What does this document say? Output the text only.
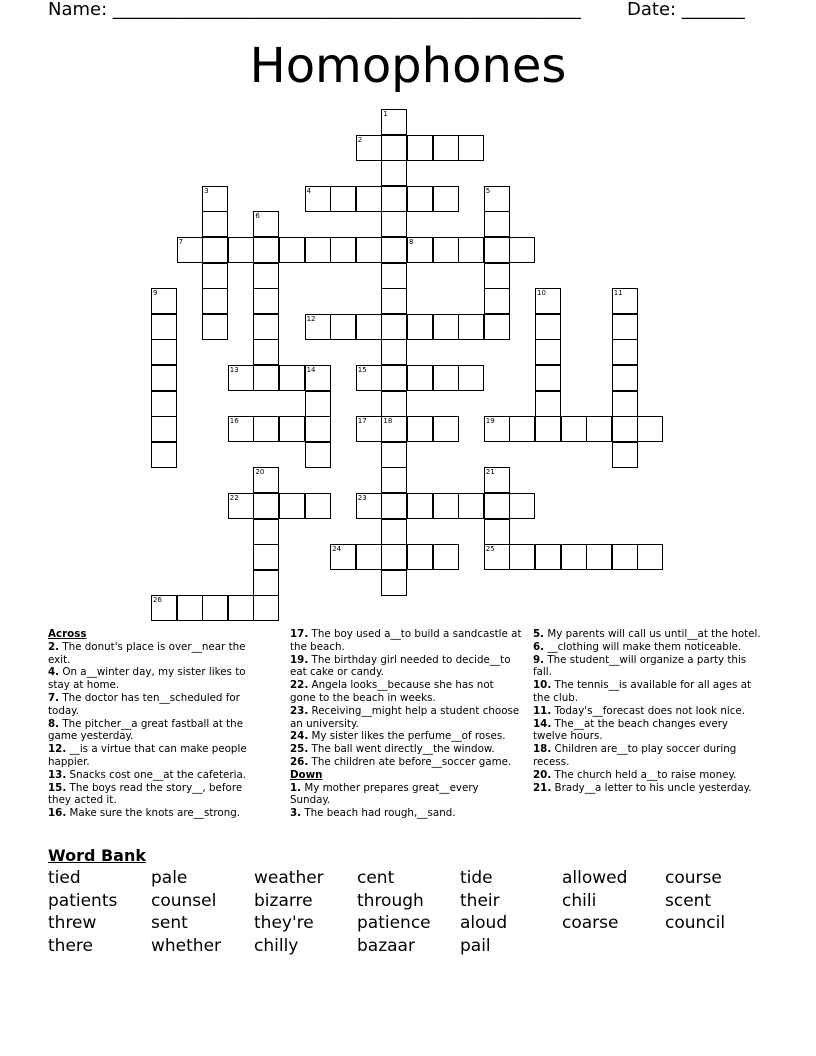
Name: ____________________________________________________	Date: _______
Homophones
1
18
2
3	4	5
6
7	8
9	10	11
12
13	14	15
16	17	19
20	21
25
22	23
24
26
Across
2. The donut's place is over__near the exit.
4. On a__winter day, my sister likes to stay at home.
7. The doctor has ten__scheduled for today.
8. The pitcher__a great fastball at the game yesterday.
12. __is a virtue that can make people happier.
13. Snacks cost one__at the cafeteria.
15. The boys read the story__, before they acted it.
16. Make sure the knots are__strong.
17. The boy used a__to build a sandcastle at the beach.
19. The birthday girl needed to decide__to eat cake or candy.
22. Angela looks__because she has not gone to the beach in weeks.
23. Receiving__might help a student choose an university.
24. My sister likes the perfume__of roses.
25. The ball went directly__the window.
26. The children ate before__soccer game.
Down
1. My mother prepares great__every Sunday.
3. The beach had rough,__sand.
5. My parents will call us until__at the hotel.
6. __clothing will make them noticeable.
9. The student__will organize a party this fall.
10. The tennis__is available for all ages at the club.
11. Today's__forecast does not look nice.
14. The__at the beach changes every twelve hours.
18. Children are__to play soccer during recess.
20. The church held a__to raise money.
21. Brady__a letter to his uncle yesterday.
Word Bank
tied	pale	weather cent	tide	allowed course
patients counsel bizarre	through their	chili	scent
threw	sent	they're	patience aloud	coarse	council
there	whether chilly	bazaar	pail
